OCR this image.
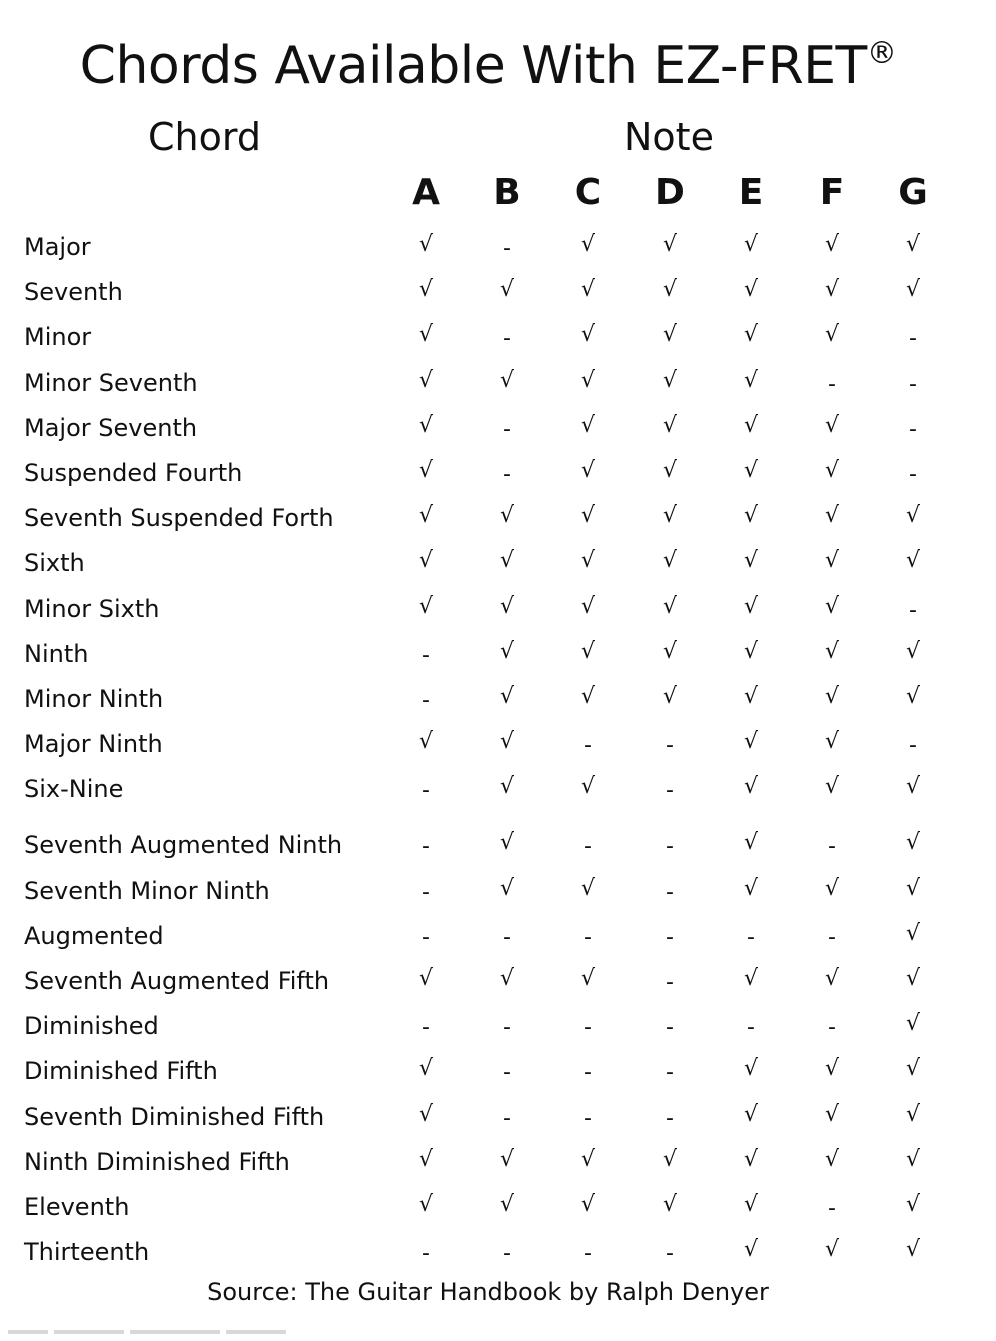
Chords Available With EZ-FRET®
Chord	Note
A	B	C	D	E	F	G
Major	√	-	√	√	√	√	√
Seventh	√	√	√	√	√	√	√
Minor	√	-	√	√	√	√	-
Minor Seventh	√	√	√	√	√	-	-
Major Seventh	√	-	√	√	√	√	-
Suspended Fourth	√	-	√	√	√	√	-
Seventh Suspended Forth	√	√	√	√	√	√	√
Sixth	√	√	√	√	√	√	√
Minor Sixth	√	√	√	√	√	√	-
Ninth	-	√	√	√	√	√	√
Minor Ninth	-	√	√	√	√	√	√
Major Ninth	√	√	-	-	√	√	-
Six-Nine	-	√	√	-	√	√	√
Seventh Augmented Ninth	-	√	-	-	√	-	√
Seventh Minor Ninth	-	√	√	-	√	√	√
Augmented	-	-	-	-	-	-	√
Seventh Augmented Fifth	√	√	√	-	√	√	√
Diminished	-	-	-	-	-	-	√
Diminished Fifth	√	-	-	-	√	√	√
Seventh Diminished Fifth	√	-	-	-	√	√	√
Ninth Diminished Fifth	√	√	√	√	√	√	√
Eleventh	√	√	√	√	√	-	√
Thirteenth	-	-	-	-	√	√	√
Source: The Guitar Handbook by Ralph Denyer
